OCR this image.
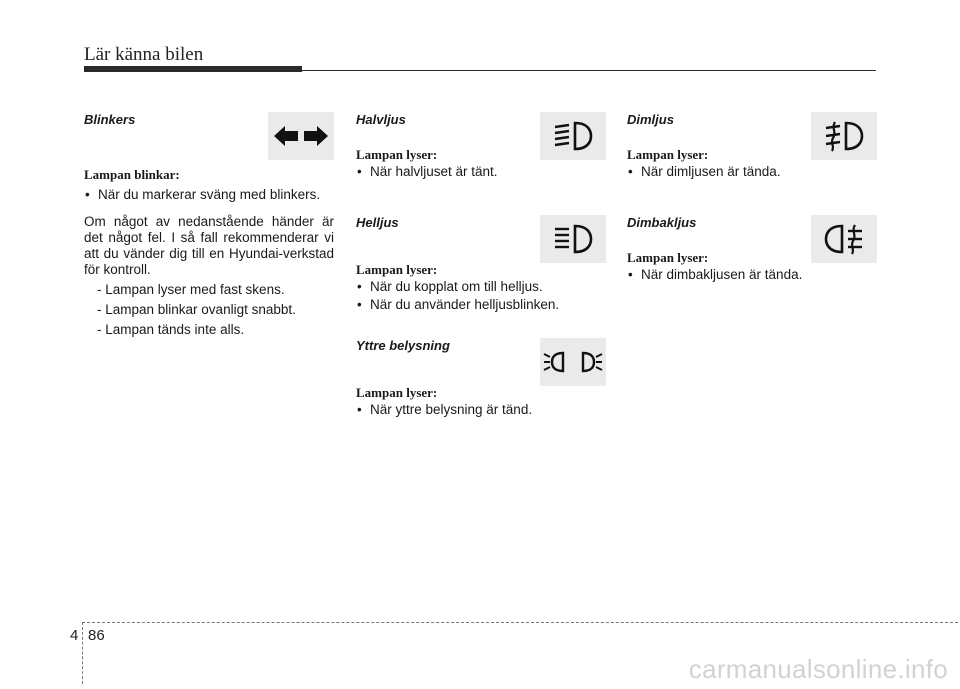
Lär känna bilen

Blinkers

Lampan blinkar:

• När du markerar sväng med blinkers.

Om något av nedanstående händer är det något fel. I så fall rekommenderar vi att du vänder dig till en Hyundai-verkstad för kontroll.

- Lampan lyser med fast skens.

- Lampan blinkar ovanligt snabbt.

- Lampan tänds inte alls.

Halvljus

Lampan lyser:

• När halvljuset är tänt.

Helljus

Lampan lyser:

• När du kopplat om till helljus.

• När du använder helljusblinken.

Yttre belysning

Lampan lyser:

• När yttre belysning är tänd.

Dimljus

Lampan lyser:

• När dimljusen är tända.

Dimbakljus

Lampan lyser:

• När dimbakljusen är tända.

4 86
carmanualsonline.info
